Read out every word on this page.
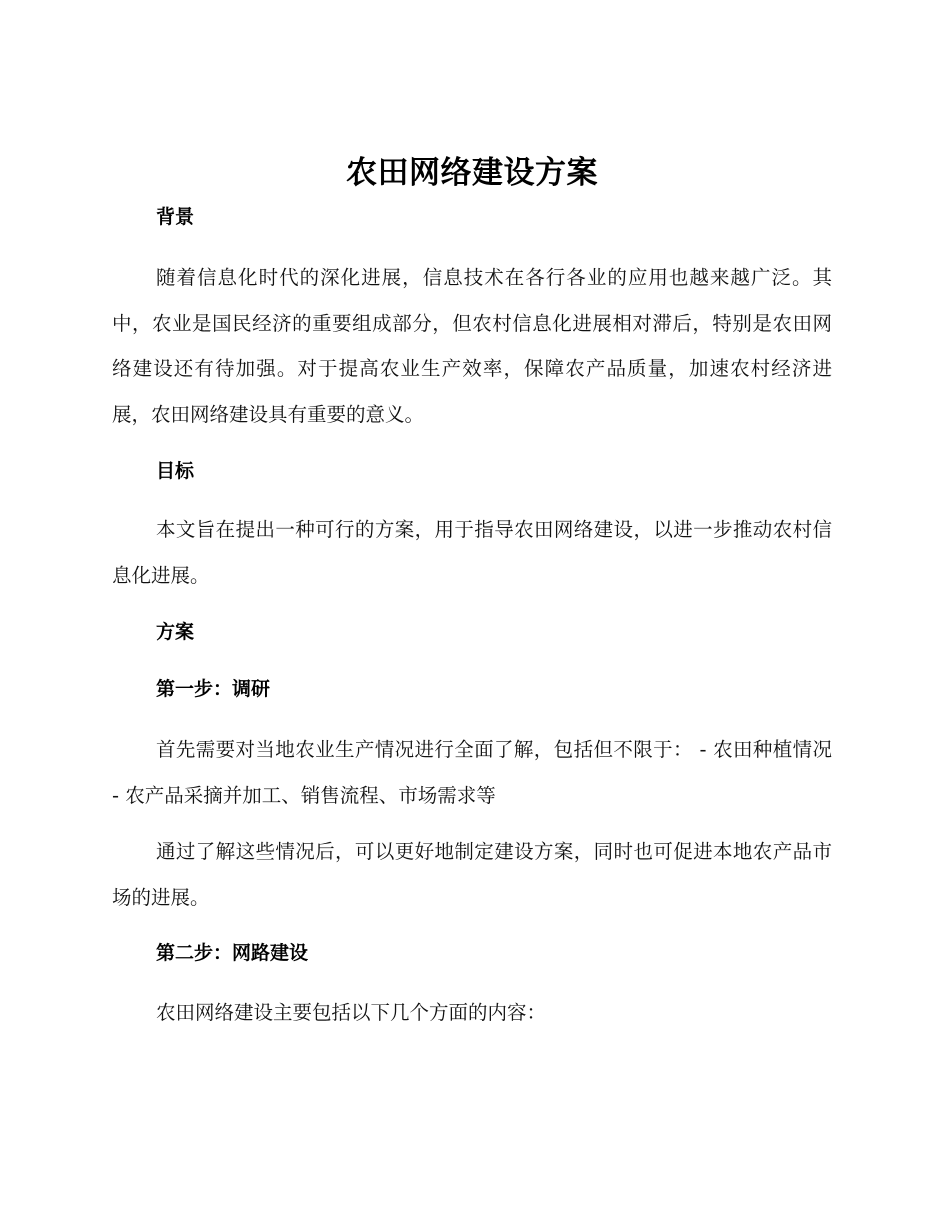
农田网络建设方案
背景

随着信息化时代的深化进展，信息技术在各行各业的应用也越来越广泛。其中，农业是国民经济的重要组成部分，但农村信息化进展相对滞后，特别是农田网络建设还有待加强。对于提高农业生产效率，保障农产品质量，加速农村经济进展，农田网络建设具有重要的意义。

目标

本文旨在提出一种可行的方案，用于指导农田网络建设，以进一步推动农村信息化进展。

方案
第一步：调研

首先需要对当地农业生产情况进行全面了解，包括但不限于： - 农田种植情况 - 农产品采摘并加工、销售流程、市场需求等

通过了解这些情况后，可以更好地制定建设方案，同时也可促进本地农产品市场的进展。

第二步：网路建设

农田网络建设主要包括以下几个方面的内容：
